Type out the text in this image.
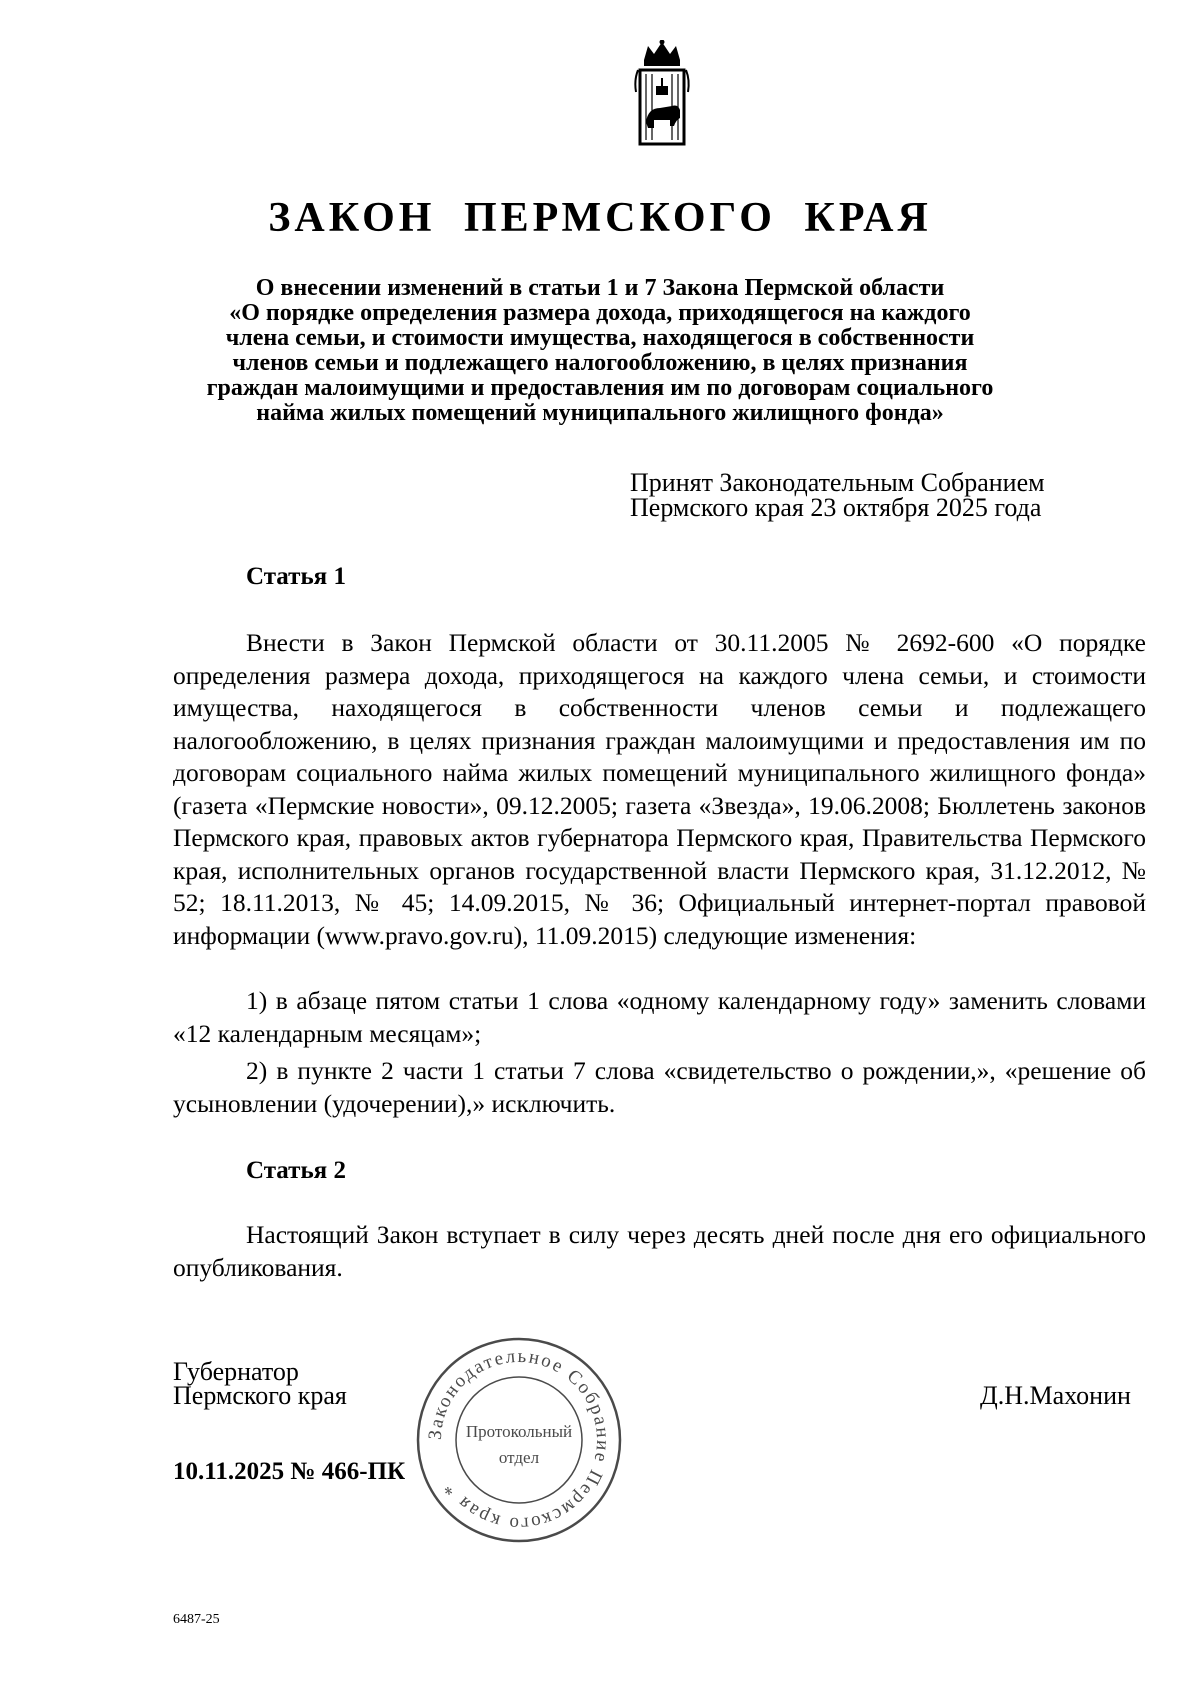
ЗАКОН ПЕРМСКОГО КРАЯ
О внесении изменений в статьи 1 и 7 Закона Пермской области
«О порядке определения размера дохода, приходящегося на каждого
члена семьи, и стоимости имущества, находящегося в собственности
членов семьи и подлежащего налогообложению, в целях признания
граждан малоимущими и предоставления им по договорам социального
найма жилых помещений муниципального жилищного фонда»
Принят Законодательным Собранием
Пермского края 23 октября 2025 года
Статья 1

Внести в Закон Пермской области от 30.11.2005 № 2692-600 «О порядке определения размера дохода, приходящегося на каждого члена семьи, и стоимости имущества, находящегося в собственности членов семьи и подлежащего налогообложению, в целях признания граждан малоимущими и предоставления им по договорам социального найма жилых помещений муниципального жилищного фонда» (газета «Пермские новости», 09.12.2005; газета «Звезда», 19.06.2008; Бюллетень законов Пермского края, правовых актов губернатора Пермского края, Правительства Пермского края, исполнительных органов государственной власти Пермского края, 31.12.2012, № 52; 18.11.2013, № 45; 14.09.2015, № 36; Официальный интернет-портал правовой информации (www.pravo.gov.ru), 11.09.2015) следующие изменения:

1) в абзаце пятом статьи 1 слова «одному календарному году» заменить словами «12 календарным месяцам»;

2) в пункте 2 части 1 статьи 7 слова «свидетельство о рождении,», «решение об усыновлении (удочерении),» исключить.

Статья 2

Настоящий Закон вступает в силу через десять дней после дня его официального опубликования.

Губернатор
Пермского края	Д.Н.Махонин
10.11.2025 № 466-ПК
Законодательное Собрание Пермского края *
Протокольный
отдел
6487-25
